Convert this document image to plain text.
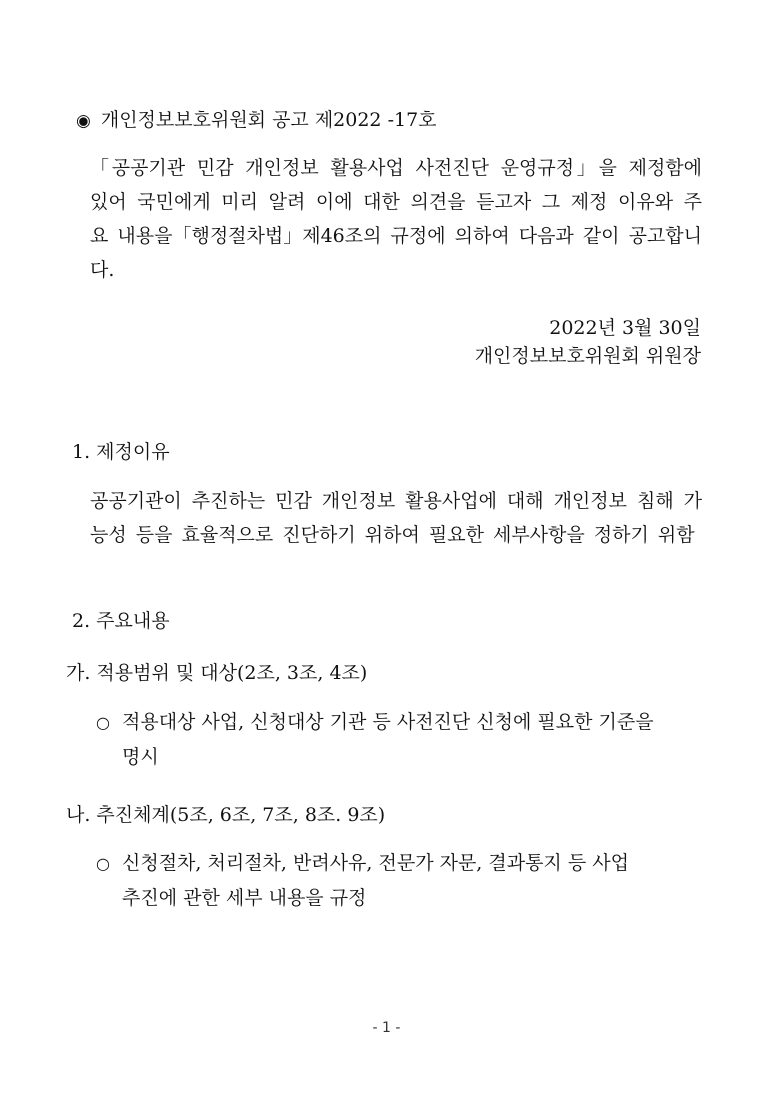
◉ 개인정보보호위원회 공고 제2022 -17호
「공공기관 민감 개인정보 활용사업 사전진단 운영규정」을 제정함에 있어 국민에게 미리 알려 이에 대한 의견을 듣고자 그 제정 이유와 주요 내용을「행정절차법」제46조의 규정에 의하여 다음과 같이 공고합니다.
2022년 3월 30일
개인정보보호위원회 위원장
1. 제정이유
공공기관이 추진하는 민감 개인정보 활용사업에 대해 개인정보 침해 가능성 등을 효율적으로 진단하기 위하여 필요한 세부사항을 정하기 위함
2. 주요내용
가. 적용범위 및 대상(2조, 3조, 4조)
○ 적용대상 사업, 신청대상 기관 등 사전진단 신청에 필요한 기준을
명시
나. 추진체계(5조, 6조, 7조, 8조. 9조)
○ 신청절차, 처리절차, 반려사유, 전문가 자문, 결과통지 등 사업
추진에 관한 세부 내용을 규정
- 1 -
